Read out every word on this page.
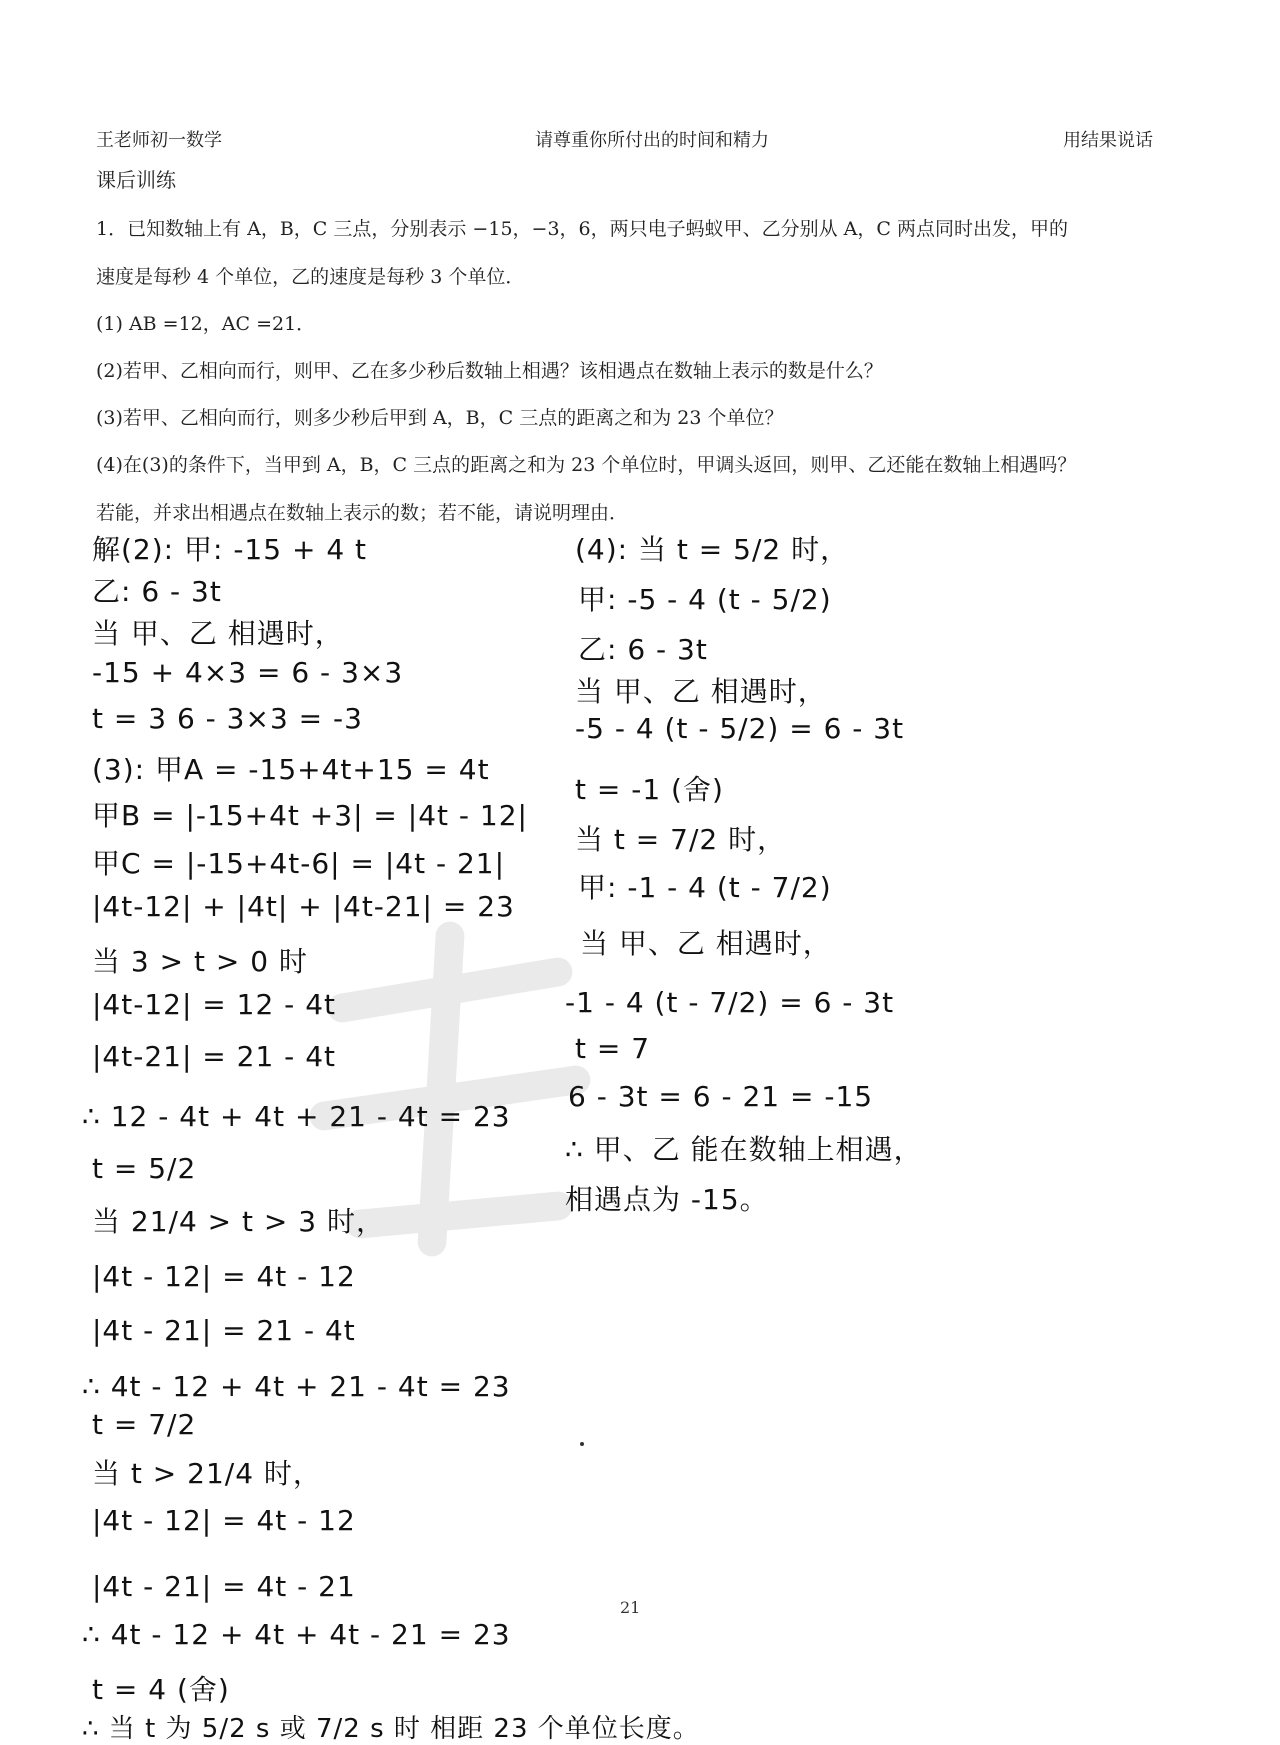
王老师初一数学	请尊重你所付出的时间和精力	用结果说话
课后训练
1．已知数轴上有 A，B，C 三点，分别表示 −15，−3，6，两只电子蚂蚁甲、乙分别从 A，C 两点同时出发，甲的
速度是每秒 4 个单位，乙的速度是每秒 3 个单位．
(1) AB =12，AC =21．
(2)若甲、乙相向而行，则甲、乙在多少秒后数轴上相遇？该相遇点在数轴上表示的数是什么？
(3)若甲、乙相向而行，则多少秒后甲到 A，B，C 三点的距离之和为 23 个单位？
(4)在(3)的条件下，当甲到 A，B，C 三点的距离之和为 23 个单位时，甲调头返回，则甲、乙还能在数轴上相遇吗？
若能，并求出相遇点在数轴上表示的数；若不能，请说明理由．
解(2): 甲: -15 + 4 t
乙: 6 - 3t
当 甲、乙 相遇时，
-15 + 4×3 = 6 - 3×3
t = 3 6 - 3×3 = -3
(3): 甲A = -15+4t+15 = 4t
甲B = |-15+4t +3| = |4t - 12|
甲C = |-15+4t-6| = |4t - 21|
|4t-12| + |4t| + |4t-21| = 23
当 3 > t > 0 时
|4t-12| = 12 - 4t
|4t-21| = 21 - 4t
∴ 12 - 4t + 4t + 21 - 4t = 23
t = 5/2
当 21/4 > t > 3 时，
|4t - 12| = 4t - 12
|4t - 21| = 21 - 4t
∴ 4t - 12 + 4t + 21 - 4t = 23
t = 7/2
当 t > 21/4 时，
|4t - 12| = 4t - 12
|4t - 21| = 4t - 21
∴ 4t - 12 + 4t + 4t - 21 = 23
t = 4 (舍)
∴ 当 t 为 5/2 s 或 7/2 s 时 相距 23 个单位长度。
(4): 当 t = 5/2 时，
甲: -5 - 4 (t - 5/2)
乙: 6 - 3t
当 甲、乙 相遇时，
-5 - 4 (t - 5/2) = 6 - 3t
t = -1 (舍)
当 t = 7/2 时，
甲: -1 - 4 (t - 7/2)
当 甲、乙 相遇时，
-1 - 4 (t - 7/2) = 6 - 3t
t = 7
6 - 3t = 6 - 21 = -15
∴ 甲、乙 能在数轴上相遇，
相遇点为 -15。
21
